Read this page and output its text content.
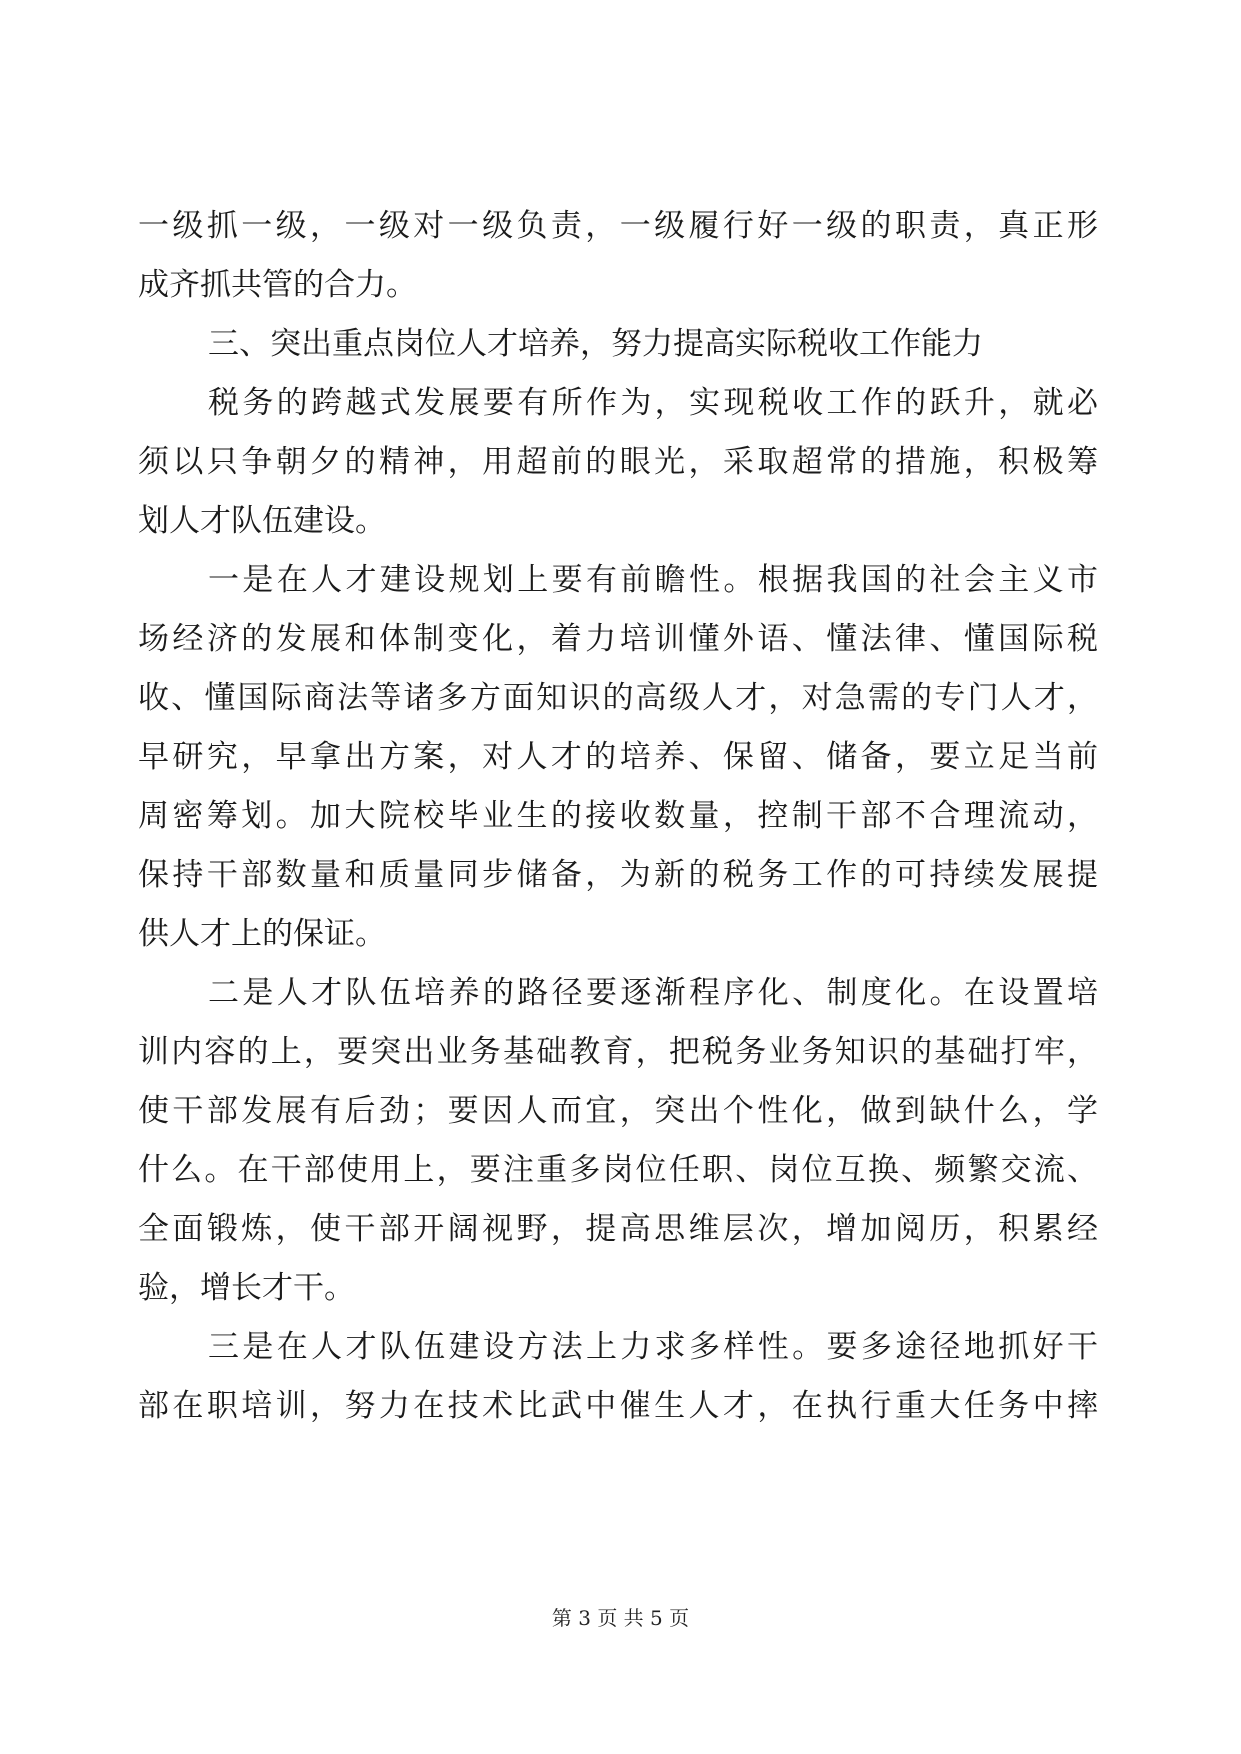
一级抓一级，一级对一级负责，一级履行好一级的职责，真正形
成齐抓共管的合力。
三、突出重点岗位人才培养，努力提高实际税收工作能力
税务的跨越式发展要有所作为，实现税收工作的跃升，就必
须以只争朝夕的精神，用超前的眼光，采取超常的措施，积极筹
划人才队伍建设。
一是在人才建设规划上要有前瞻性。根据我国的社会主义市
场经济的发展和体制变化，着力培训懂外语、懂法律、懂国际税
收、懂国际商法等诸多方面知识的高级人才，对急需的专门人才，
早研究，早拿出方案，对人才的培养、保留、储备，要立足当前
周密筹划。加大院校毕业生的接收数量，控制干部不合理流动，
保持干部数量和质量同步储备，为新的税务工作的可持续发展提
供人才上的保证。
二是人才队伍培养的路径要逐渐程序化、制度化。在设置培
训内容的上，要突出业务基础教育，把税务业务知识的基础打牢，
使干部发展有后劲；要因人而宜，突出个性化，做到缺什么，学
什么。在干部使用上，要注重多岗位任职、岗位互换、频繁交流、
全面锻炼，使干部开阔视野，提高思维层次，增加阅历，积累经
验，增长才干。
三是在人才队伍建设方法上力求多样性。要多途径地抓好干
部在职培训，努力在技术比武中催生人才，在执行重大任务中摔
第 3 页 共 5 页
